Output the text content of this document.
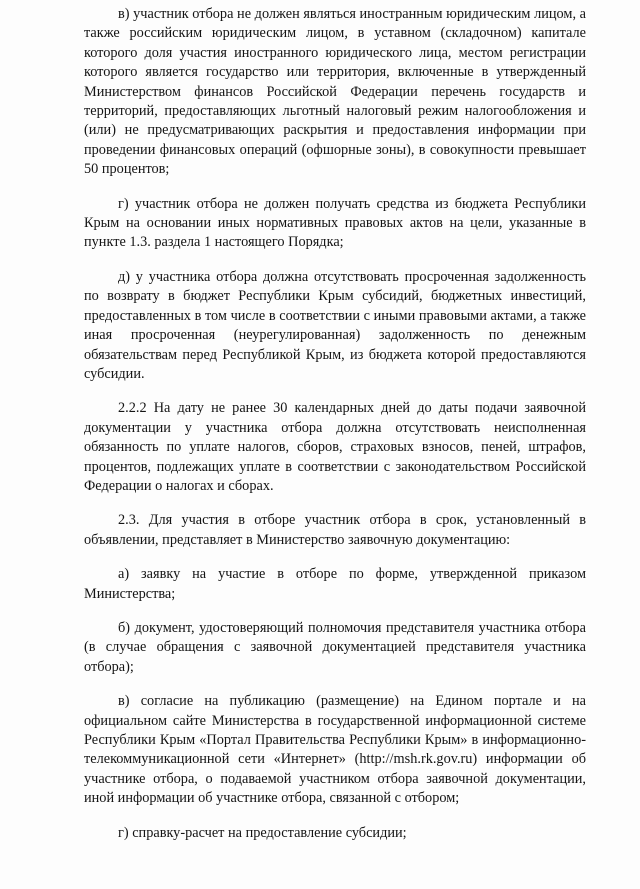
в) участник отбора не должен являться иностранным юридическим лицом, а также российским юридическим лицом, в уставном (складочном) капитале которого доля участия иностранного юридического лица, местом регистрации которого является государство или территория, включенные в утвержденный Министерством финансов Российской Федерации перечень государств и территорий, предоставляющих льготный налоговый режим налогообложения и (или) не предусматривающих раскрытия и предоставления информации при проведении финансовых операций (офшорные зоны), в совокупности превышает 50 процентов;

г) участник отбора не должен получать средства из бюджета Республики Крым на основании иных нормативных правовых актов на цели, указанные в пункте 1.3. раздела 1 настоящего Порядка;

д) у участника отбора должна отсутствовать просроченная задолженность по возврату в бюджет Республики Крым субсидий, бюджетных инвестиций, предоставленных в том числе в соответствии с иными правовыми актами, а также иная просроченная (неурегулированная) задолженность по денежным обязательствам перед Республикой Крым, из бюджета которой предоставляются субсидии.

2.2.2 На дату не ранее 30 календарных дней до даты подачи заявочной документации у участника отбора должна отсутствовать неисполненная обязанность по уплате налогов, сборов, страховых взносов, пеней, штрафов, процентов, подлежащих уплате в соответствии с законодательством Российской Федерации о налогах и сборах.

2.3. Для участия в отборе участник отбора в срок, установленный в объявлении, представляет в Министерство заявочную документацию:

а) заявку на участие в отборе по форме, утвержденной приказом Министерства;

б) документ, удостоверяющий полномочия представителя участника отбора (в случае обращения с заявочной документацией представителя участника отбора);

в) согласие на публикацию (размещение) на Едином портале и на официальном сайте Министерства в государственной информационной системе Республики Крым «Портал Правительства Республики Крым» в информационно-телекоммуникационной сети «Интернет» (http://msh.rk.gov.ru) информации об участнике отбора, о подаваемой участником отбора заявочной документации, иной информации об участнике отбора, связанной с отбором;

г) справку-расчет на предоставление субсидии;
